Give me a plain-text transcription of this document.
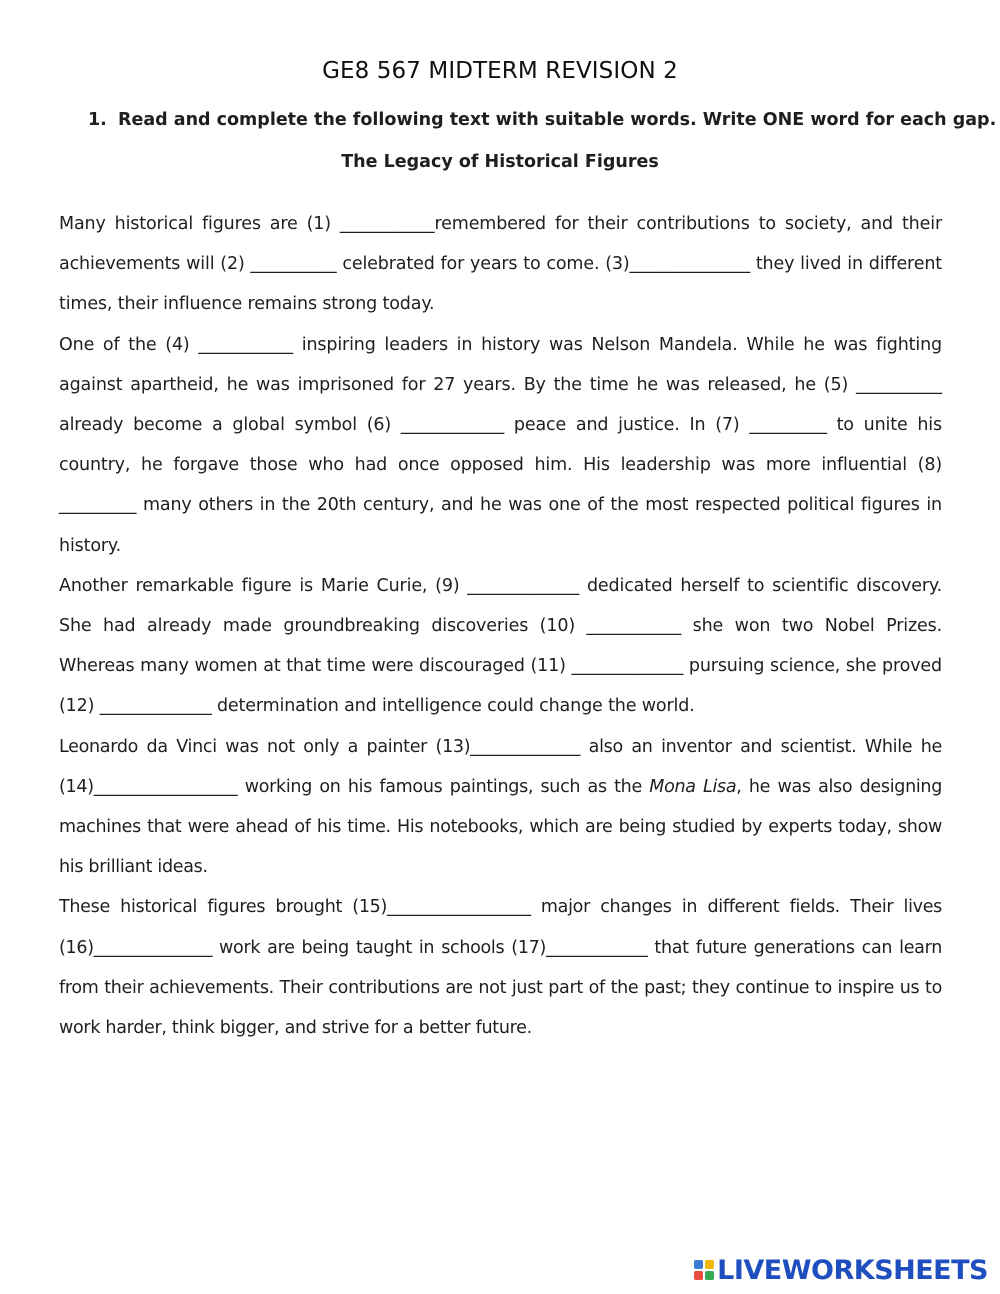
GE8 567 MIDTERM REVISION 2
1. Read and complete the following text with suitable words. Write ONE word for each gap.
The Legacy of Historical Figures

Many historical figures are (1) ___________remembered for their contributions to society, and their achievements will (2) __________ celebrated for years to come. (3)______________ they lived in different times, their influence remains strong today.

One of the (4) ___________ inspiring leaders in history was Nelson Mandela. While he was fighting against apartheid, he was imprisoned for 27 years. By the time he was released, he (5) __________ already become a global symbol (6) ____________ peace and justice. In (7) _________ to unite his country, he forgave those who had once opposed him. His leadership was more influential (8) _________ many others in the 20th century, and he was one of the most respected political figures in history.

Another remarkable figure is Marie Curie, (9) _____________ dedicated herself to scientific discovery. She had already made groundbreaking discoveries (10) ___________ she won two Nobel Prizes. Whereas many women at that time were discouraged (11) _____________ pursuing science, she proved (12) _____________ determination and intelligence could change the world.

Leonardo da Vinci was not only a painter (13)_____________ also an inventor and scientist. While he (14)_________________ working on his famous paintings, such as the Mona Lisa, he was also designing machines that were ahead of his time. His notebooks, which are being studied by experts today, show his brilliant ideas.

These historical figures brought (15)_________________ major changes in different fields. Their lives (16)______________ work are being taught in schools (17)____________ that future generations can learn from their achievements. Their contributions are not just part of the past; they continue to inspire us to work harder, think bigger, and strive for a better future.

LIVEWORKSHEETS
